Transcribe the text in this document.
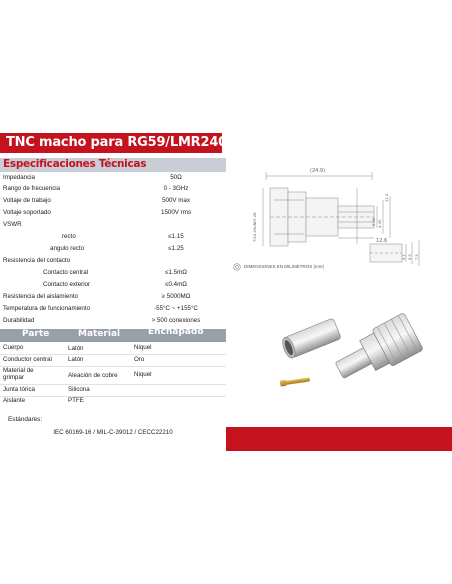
TNC macho para RG59/LMR240
Especificaciones Técnicas
Impedancia	50Ω
Rango de frecuencia	0 - 3GHz
Voltaje de trabajo	500V max
Voltaje soportado	1500V rms
VSWR
recto	≤1.15
angulo recto	≤1.25
Resistencia del contacto
Contacto central	≤1.5mΩ
Contacto exterior	≤0.4mΩ
Resistencia del aislamiento	≥ 5000MΩ
Temperatura de funcionamiento	-55°C ~ +155°C
Durabilidad	> 500 conexiones
Parte	Material	Enchapado
Cuerpo	Latón	Niquel
Conductor central	Latón	Oro
Material de grimpar	Aleación de cobre	Niquel
Junta tórica	Silicona
Aislante	PTFE
Estándares:
IEC 60169-16 / MIL-C-39012 / CECC22210
(24.9)
12.6
7/16-28UNEF-2B	5.40 4.45
11.2
6.2 6.5 7.5
DIMENSIONES EN MILIMETROS (mm)
